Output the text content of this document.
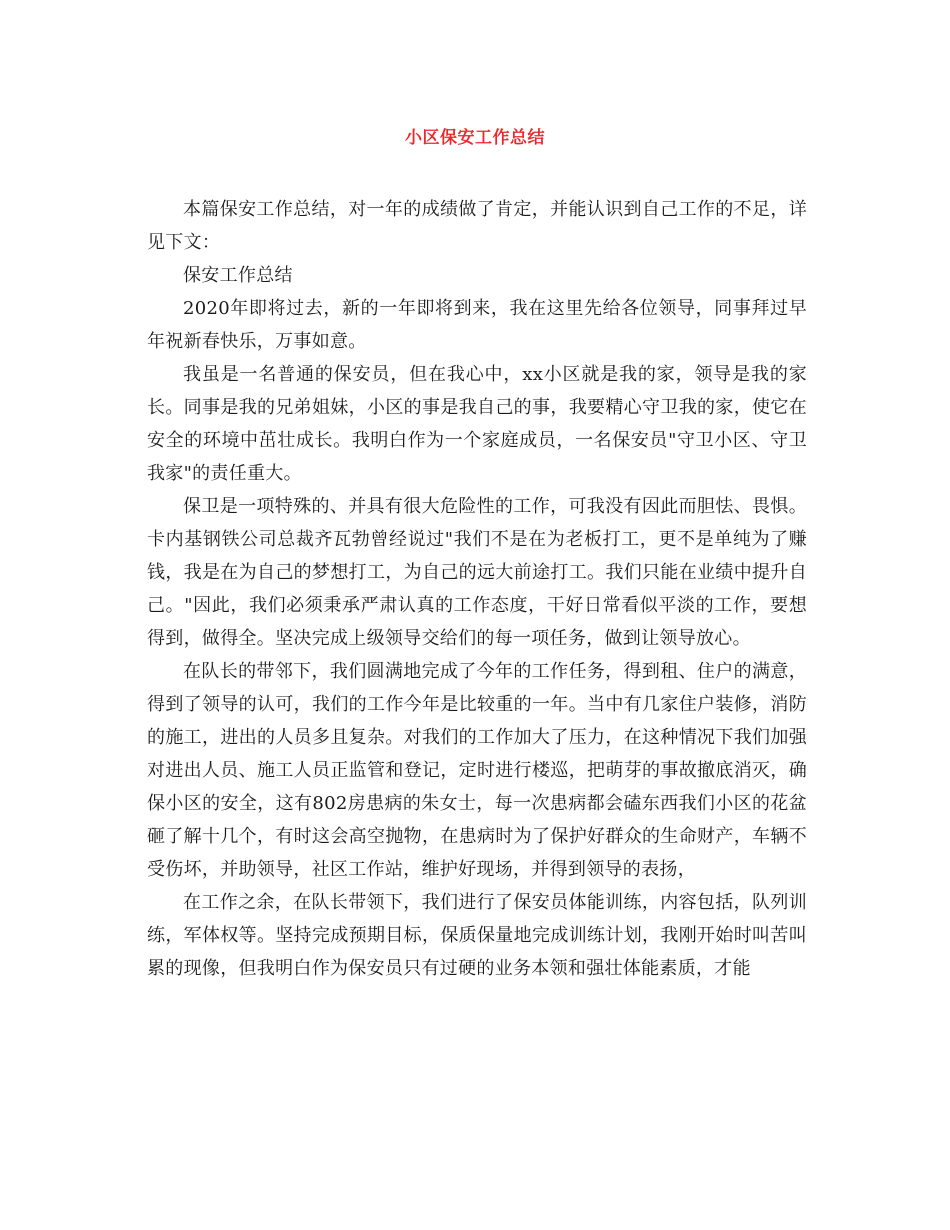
小区保安工作总结

本篇保安工作总结，对一年的成绩做了肯定，并能认识到自己工作的不足，详见下文：

保安工作总结

2020年即将过去，新的一年即将到来，我在这里先给各位领导，同事拜过早年祝新春快乐，万事如意。

我虽是一名普通的保安员，但在我心中，xx小区就是我的家，领导是我的家长。同事是我的兄弟姐妹，小区的事是我自己的事，我要精心守卫我的家，使它在安全的环境中茁壮成长。我明白作为一个家庭成员，一名保安员"守卫小区、守卫我家"的责任重大。

保卫是一项特殊的、并具有很大危险性的工作，可我没有因此而胆怯、畏惧。卡内基钢铁公司总裁齐瓦勃曾经说过"我们不是在为老板打工，更不是单纯为了赚钱，我是在为自己的梦想打工，为自己的远大前途打工。我们只能在业绩中提升自己。"因此，我们必须秉承严肃认真的工作态度，干好日常看似平淡的工作，要想得到，做得全。坚决完成上级领导交给们的每一项任务，做到让领导放心。

在队长的带邻下，我们圆满地完成了今年的工作任务，得到租、住户的满意，得到了领导的认可，我们的工作今年是比较重的一年。当中有几家住户装修，消防的施工，进出的人员多且复杂。对我们的工作加大了压力，在这种情况下我们加强对进出人员、施工人员正监管和登记，定时进行楼巡，把萌芽的事故撤底消灭，确保小区的安全，这有802房患病的朱女士，每一次患病都会磕东西我们小区的花盆砸了解十几个，有时这会高空抛物，在患病时为了保护好群众的生命财产，车辆不受伤坏，并助领导，社区工作站，维护好现场，并得到领导的表扬，

在工作之余，在队长带领下，我们进行了保安员体能训练，内容包括，队列训练，军体权等。坚持完成预期目标，保质保量地完成训练计划，我刚开始时叫苦叫累的现像，但我明白作为保安员只有过硬的业务本领和强壮体能素质，才能
